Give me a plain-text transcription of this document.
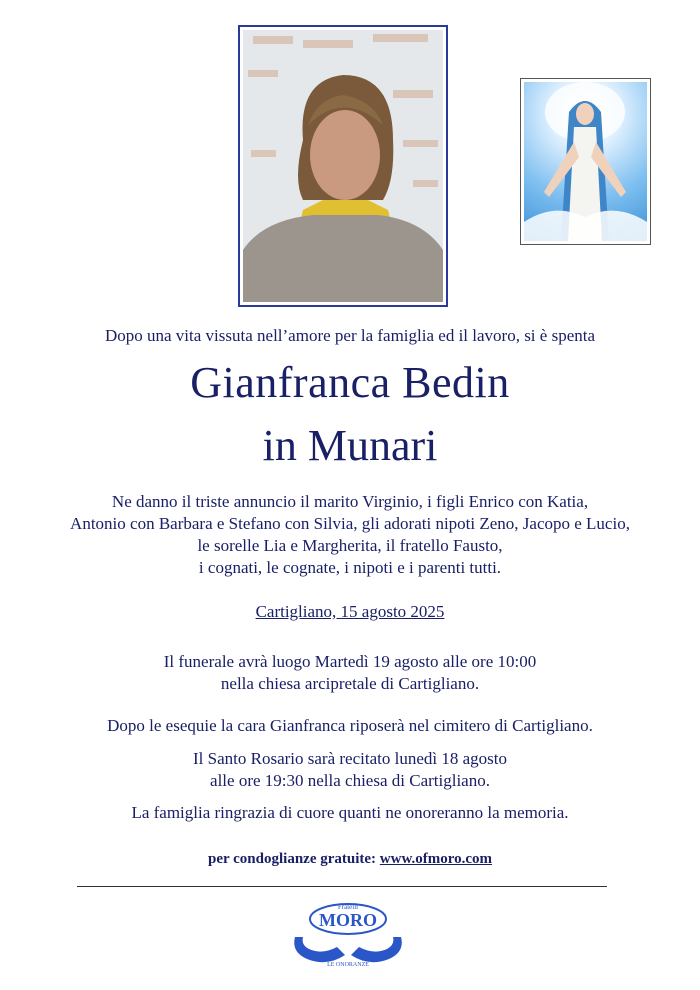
Dopo una vita vissuta nell’amore per la famiglia ed il lavoro, si è spenta
Gianfranca Bedin
in Munari
Ne danno il triste annuncio il marito Virginio, i figli Enrico con Katia,
Antonio con Barbara e Stefano con Silvia, gli adorati nipoti Zeno, Jacopo e Lucio,
le sorelle Lia e Margherita, il fratello Fausto,
i cognati, le cognate, i nipoti e i parenti tutti.
Cartigliano, 15 agosto 2025
Il funerale avrà luogo Martedì 19 agosto alle ore 10:00
nella chiesa arcipretale di Cartigliano.
Dopo le esequie la cara Gianfranca riposerà nel cimitero di Cartigliano.
Il Santo Rosario sarà recitato lunedì 18 agosto
alle ore 19:30 nella chiesa di Cartigliano.
La famiglia ringrazia di cuore quanti ne onoreranno la memoria.
per condoglianze gratuite: www.ofmoro.com
Fratelli
MORO
LE ONORANZE
